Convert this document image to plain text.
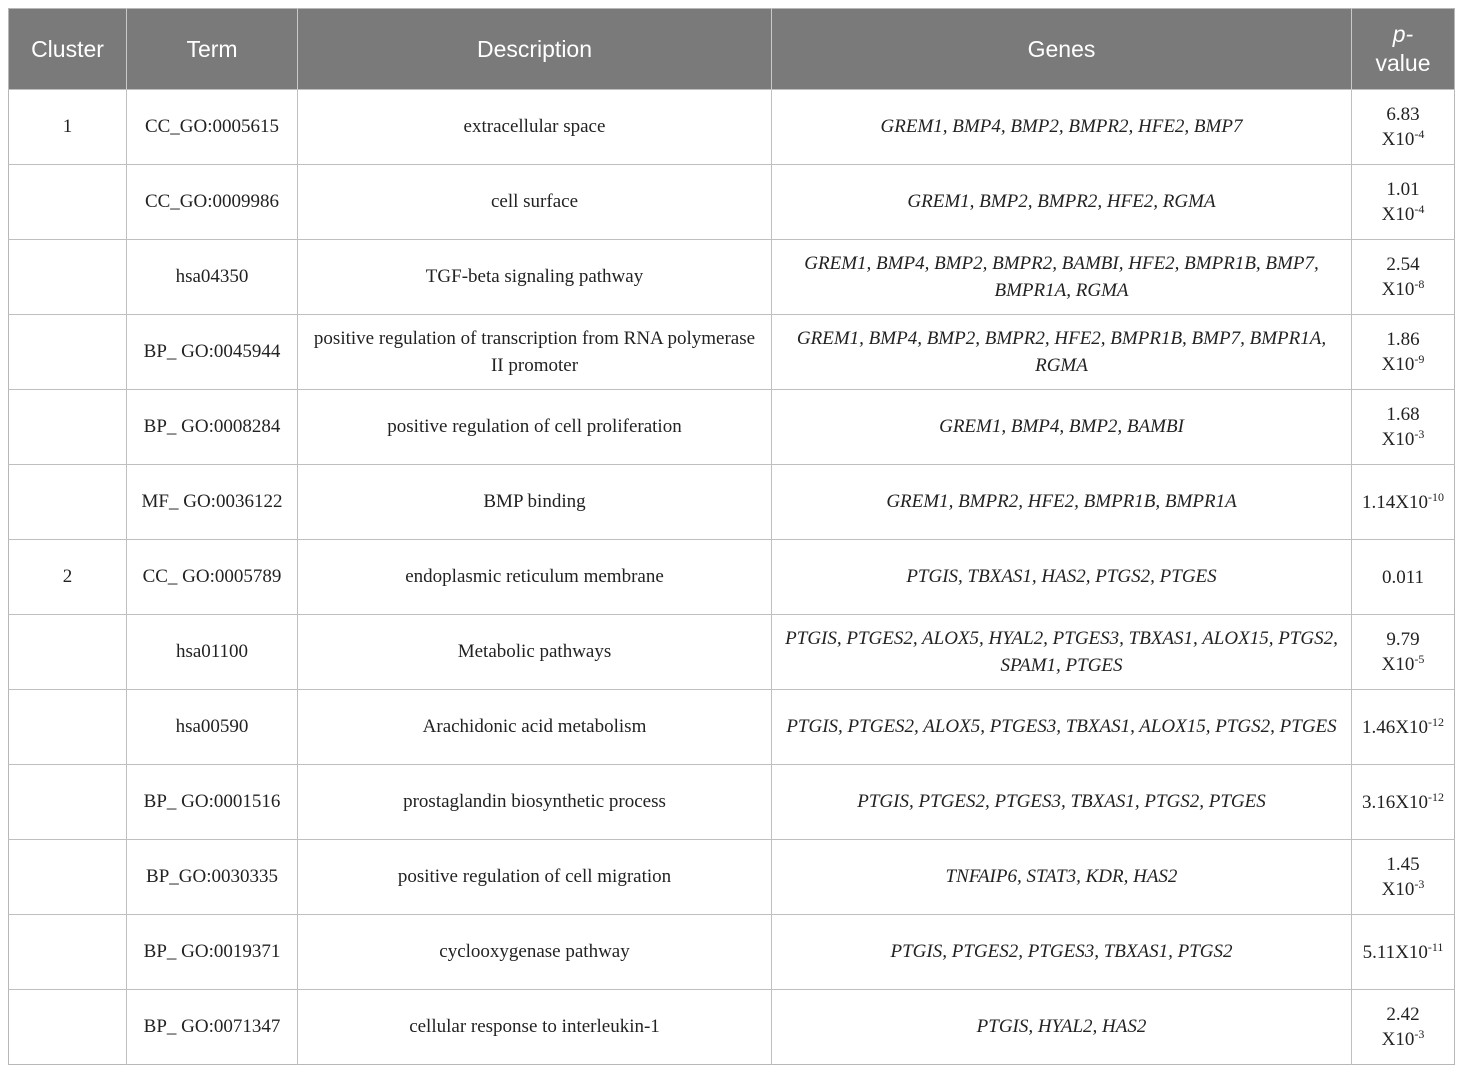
Cluster	Term	Description	Genes	p-
value
1	CC_GO:0005615	extracellular space	GREM1, BMP4, BMP2, BMPR2, HFE2, BMP7	6.83
$X10^{-4}$
	CC_GO:0009986	cell surface	GREM1, BMP2, BMPR2, HFE2, RGMA	1.01
$X10^{-4}$
	hsa04350	TGF-beta signaling pathway	GREM1, BMP4, BMP2, BMPR2, BAMBI, HFE2, BMPR1B, BMP7, BMPR1A, RGMA	2.54
$X10^{-8}$
	BP_ GO:0045944	positive regulation of transcription from RNA polymerase II promoter	GREM1, BMP4, BMP2, BMPR2, HFE2, BMPR1B, BMP7, BMPR1A, RGMA	1.86
$X10^{-9}$
	BP_ GO:0008284	positive regulation of cell proliferation	GREM1, BMP4, BMP2, BAMBI	1.68
$X10^{-3}$
	MF_ GO:0036122	BMP binding	GREM1, BMPR2, HFE2, BMPR1B, BMPR1A	$1.14X10^{-10}$
2	CC_ GO:0005789	endoplasmic reticulum membrane	PTGIS, TBXAS1, HAS2, PTGS2, PTGES	0.011
	hsa01100	Metabolic pathways	PTGIS, PTGES2, ALOX5, HYAL2, PTGES3, TBXAS1, ALOX15, PTGS2, SPAM1, PTGES	9.79
$X10^{-5}$
	hsa00590	Arachidonic acid metabolism	PTGIS, PTGES2, ALOX5, PTGES3, TBXAS1, ALOX15, PTGS2, PTGES	$1.46X10^{-12}$
	BP_ GO:0001516	prostaglandin biosynthetic process	PTGIS, PTGES2, PTGES3, TBXAS1, PTGS2, PTGES	$3.16X10^{-12}$
	BP_GO:0030335	positive regulation of cell migration	TNFAIP6, STAT3, KDR, HAS2	1.45
$X10^{-3}$
	BP_ GO:0019371	cyclooxygenase pathway	PTGIS, PTGES2, PTGES3, TBXAS1, PTGS2	$5.11X10^{-11}$
	BP_ GO:0071347	cellular response to interleukin-1	PTGIS, HYAL2, HAS2	2.42
$X10^{-3}$
